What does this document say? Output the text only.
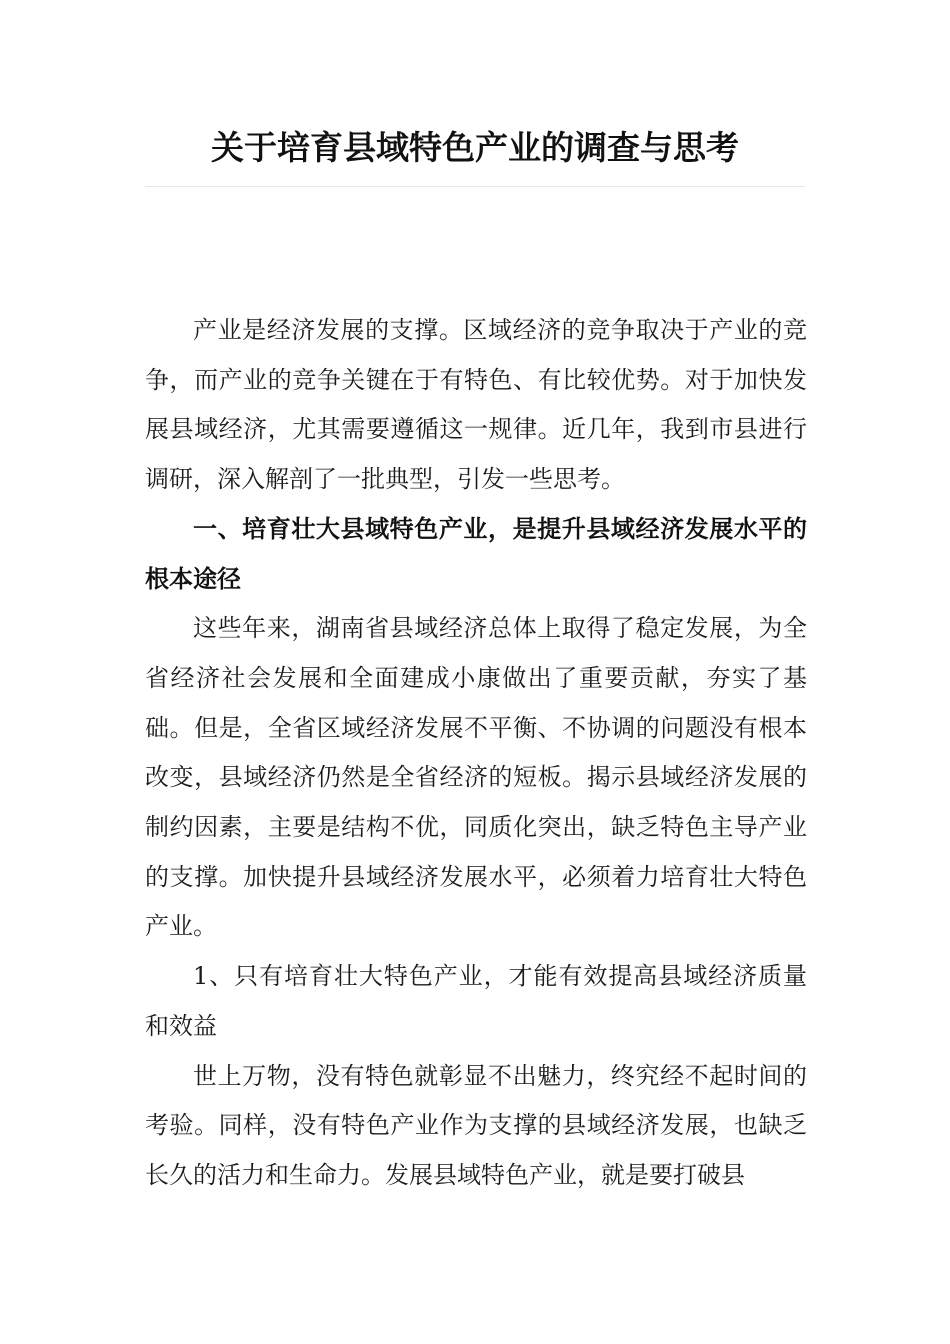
关于培育县域特色产业的调查与思考

产业是经济发展的支撑。区域经济的竞争取决于产业的竞争，而产业的竞争关键在于有特色、有比较优势。对于加快发展县域经济，尤其需要遵循这一规律。近几年，我到市县进行调研，深入解剖了一批典型，引发一些思考。

一、培育壮大县域特色产业，是提升县域经济发展水平的根本途径

这些年来，湖南省县域经济总体上取得了稳定发展，为全省经济社会发展和全面建成小康做出了重要贡献，夯实了基础。但是，全省区域经济发展不平衡、不协调的问题没有根本改变，县域经济仍然是全省经济的短板。揭示县域经济发展的制约因素，主要是结构不优，同质化突出，缺乏特色主导产业的支撑。加快提升县域经济发展水平，必须着力培育壮大特色产业。

1、只有培育壮大特色产业，才能有效提高县域经济质量和效益

世上万物，没有特色就彰显不出魅力，终究经不起时间的考验。同样，没有特色产业作为支撑的县域经济发展，也缺乏长久的活力和生命力。发展县域特色产业，就是要打破县
